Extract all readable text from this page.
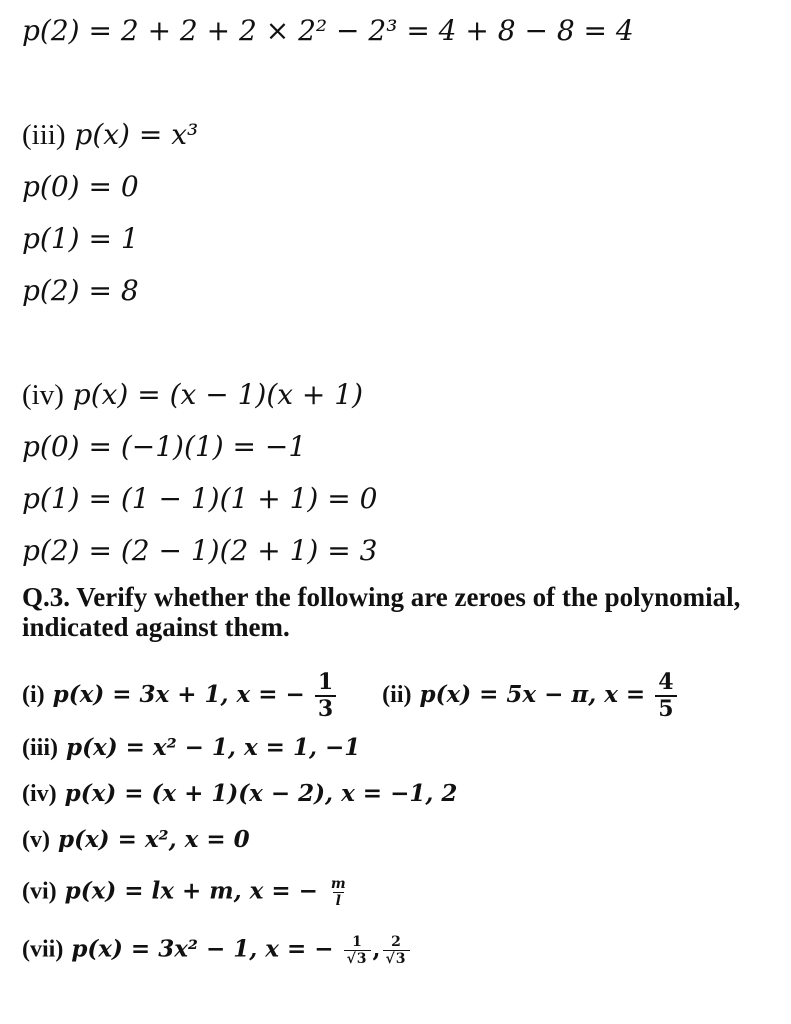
p(2) = 2 + 2 + 2 × 2² − 2³ = 4 + 8 − 8 = 4
(iii) p(x) = x³
p(0) = 0
p(1) = 1
p(2) = 8
(iv) p(x) = (x − 1)(x + 1)
p(0) = (−1)(1) = −1
p(1) = (1 − 1)(1 + 1) = 0
p(2) = (2 − 1)(2 + 1) = 3
Q.3. Verify whether the following are zeroes of the polynomial, indicated against them.
(i) p(x) = 3x + 1, x = − $\frac{1}{3} (ii) p(x) = 5x - \pi$, $x = \frac{4}{5}$
(iii) p(x) = x² − 1, x = 1, −1
(iv) p(x) = (x + 1)(x − 2), x = −1, 2
(v) p(x) = x², x = 0
(vi) p(x) = lx + m, x = − $\frac{m}{l}$
(vii) p(x) = 3x² − 1, x = − $\frac{1}{√3}$ , $\frac{2}{√3}$
